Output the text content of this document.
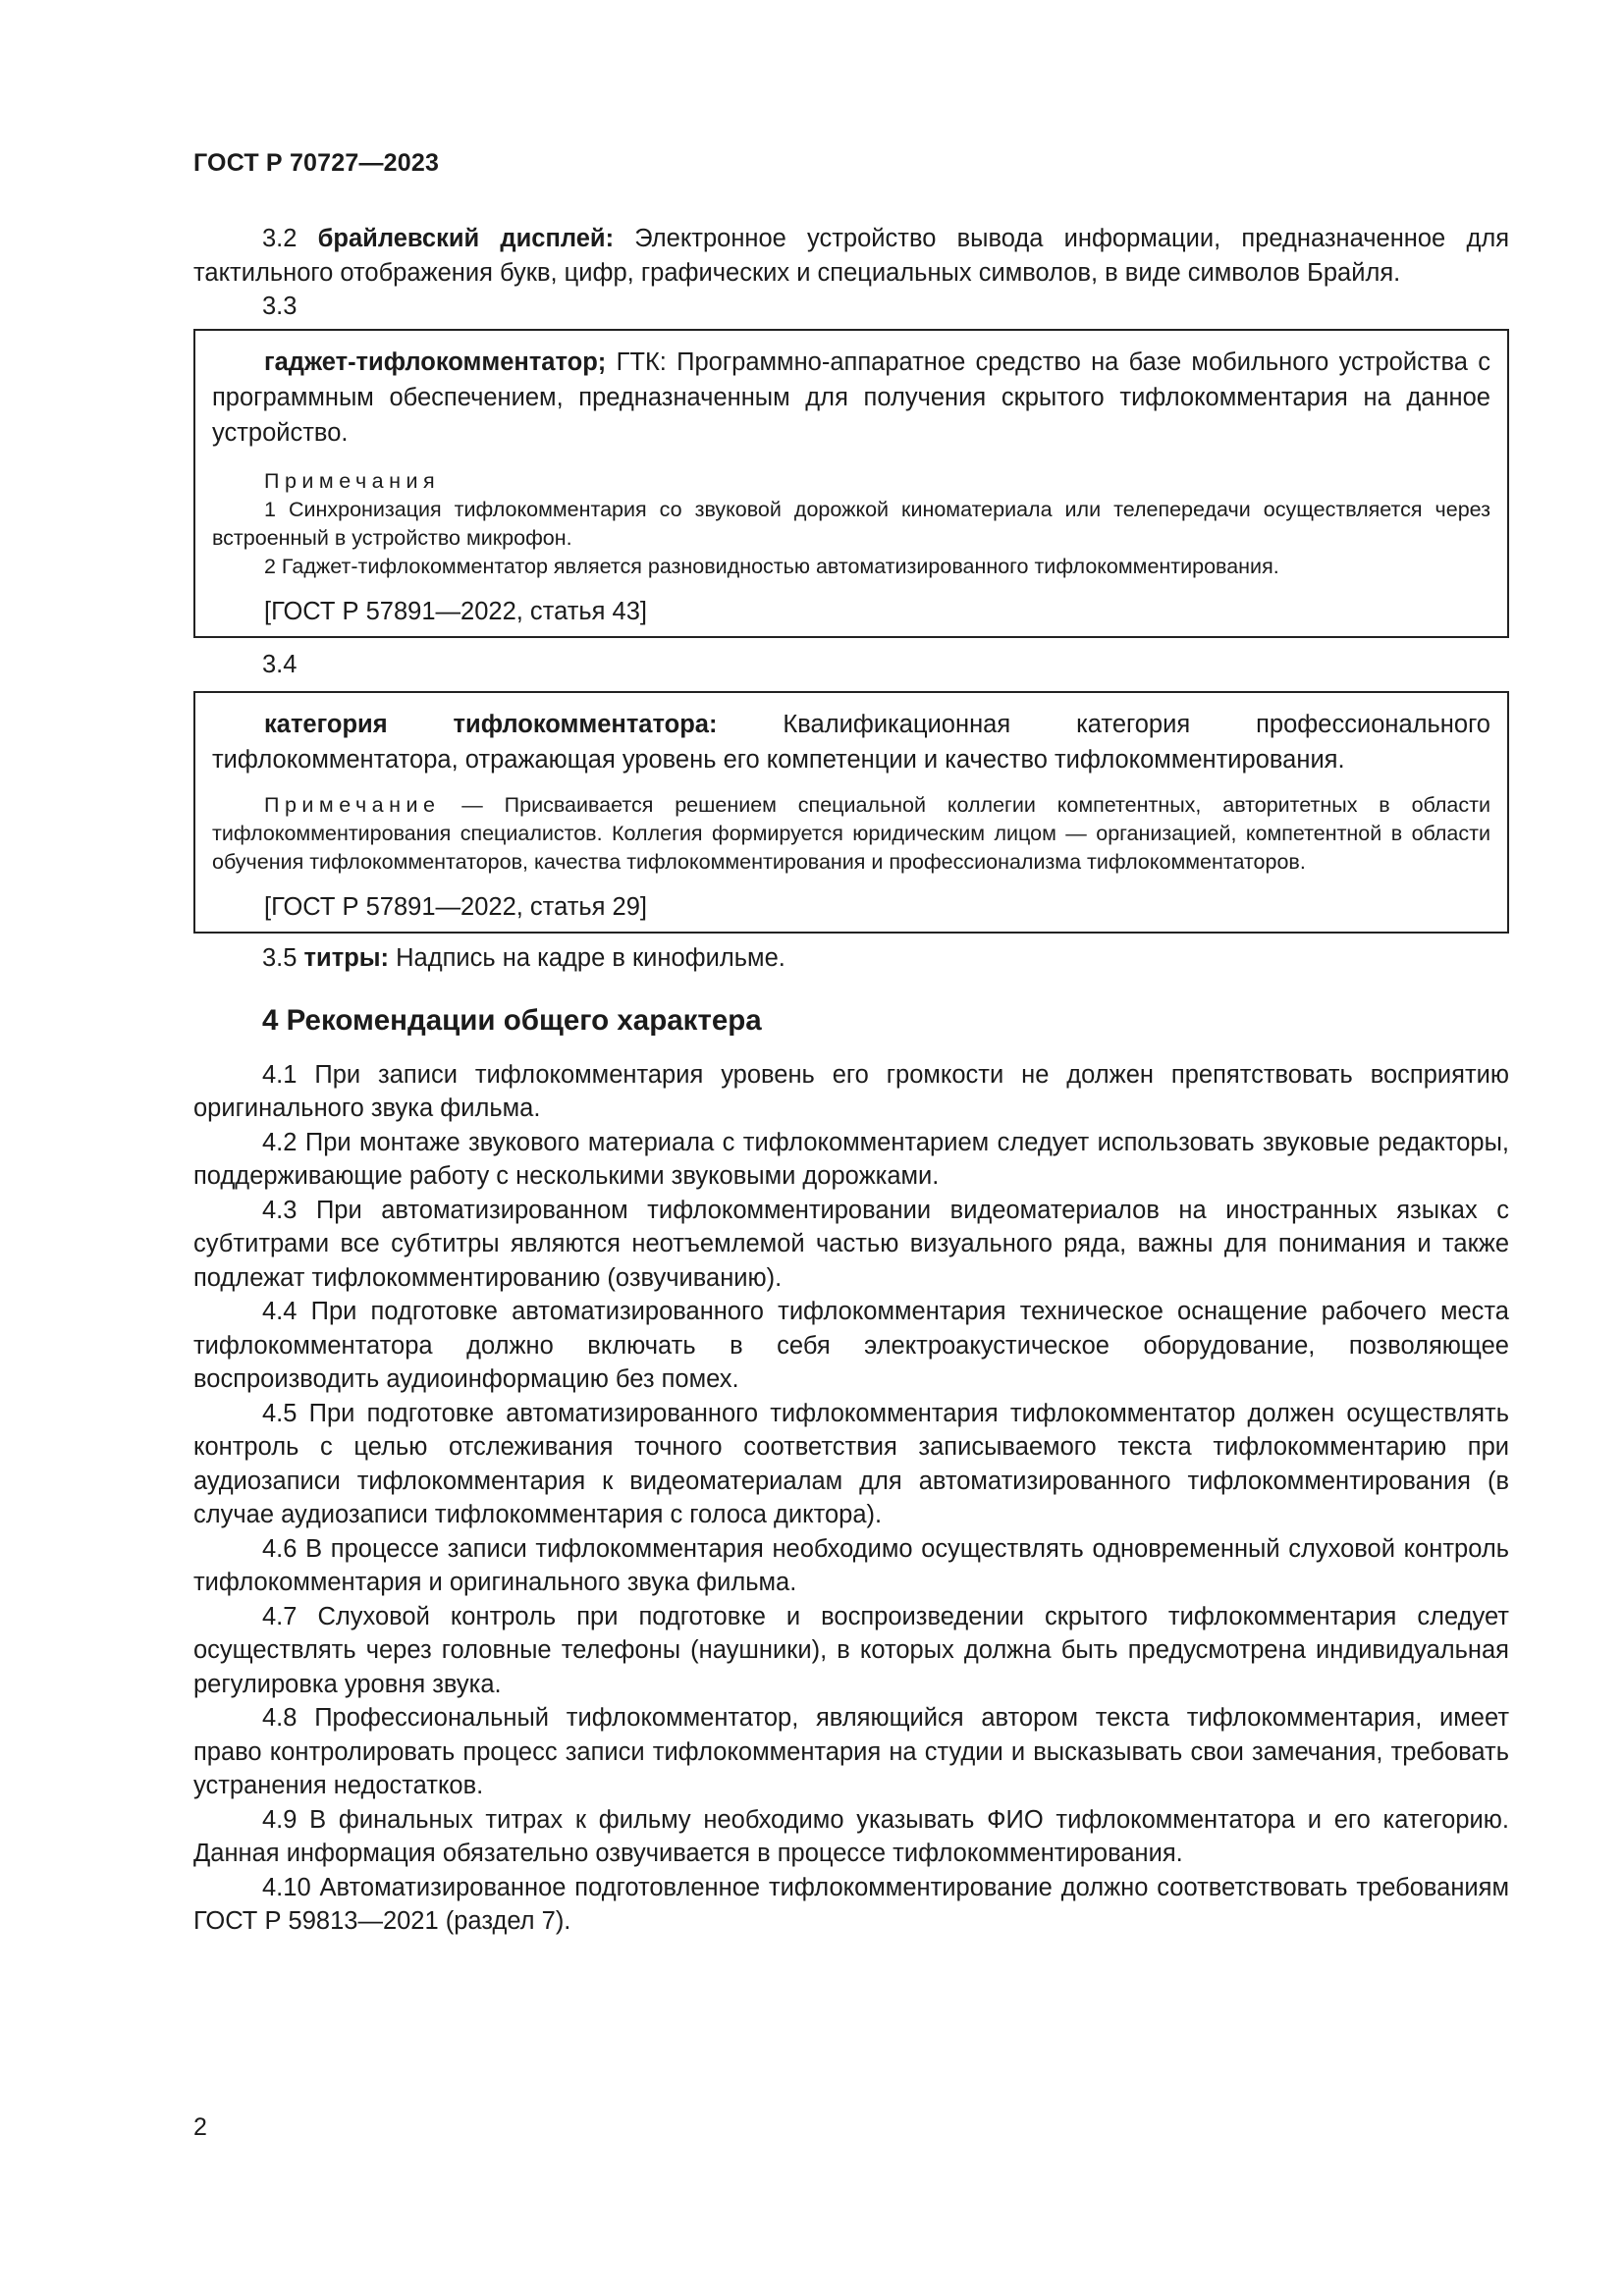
ГОСТ Р 70727—2023

3.2 брайлевский дисплей: Электронное устройство вывода информации, предназначенное для тактильного отображения букв, цифр, графических и специальных символов, в виде символов Брайля.

3.3

гаджет-тифлокомментатор; ГТК: Программно-аппаратное средство на базе мобильного устройства с программным обеспечением, предназначенным для получения скрытого тифлокомментария на данное устройство.

Примечания

1 Синхронизация тифлокомментария со звуковой дорожкой киноматериала или телепередачи осуществляется через встроенный в устройство микрофон.

2 Гаджет-тифлокомментатор является разновидностью автоматизированного тифлокомментирования.

[ГОСТ Р 57891—2022, статья 43]
3.4

категория тифлокомментатора: Квалификационная категория профессионального тифлокомментатора, отражающая уровень его компетенции и качество тифлокомментирования.

Примечание — Присваивается решением специальной коллегии компетентных, авторитетных в области тифлокомментирования специалистов. Коллегия формируется юридическим лицом — организацией, компетентной в области обучения тифлокомментаторов, качества тифлокомментирования и профессионализма тифлокомментаторов.

[ГОСТ Р 57891—2022, статья 29]

3.5 титры: Надпись на кадре в кинофильме.

4 Рекомендации общего характера

4.1 При записи тифлокомментария уровень его громкости не должен препятствовать восприятию оригинального звука фильма.

4.2 При монтаже звукового материала с тифлокомментарием следует использовать звуковые редакторы, поддерживающие работу с несколькими звуковыми дорожками.

4.3 При автоматизированном тифлокомментировании видеоматериалов на иностранных языках с субтитрами все субтитры являются неотъемлемой частью визуального ряда, важны для понимания и также подлежат тифлокомментированию (озвучиванию).

4.4 При подготовке автоматизированного тифлокомментария техническое оснащение рабочего места тифлокомментатора должно включать в себя электроакустическое оборудование, позволяющее воспроизводить аудиоинформацию без помех.

4.5 При подготовке автоматизированного тифлокомментария тифлокомментатор должен осуществлять контроль с целью отслеживания точного соответствия записываемого текста тифлокомментарию при аудиозаписи тифлокомментария к видеоматериалам для автоматизированного тифлокомментирования (в случае аудиозаписи тифлокомментария с голоса диктора).

4.6 В процессе записи тифлокомментария необходимо осуществлять одновременный слуховой контроль тифлокомментария и оригинального звука фильма.

4.7 Слуховой контроль при подготовке и воспроизведении скрытого тифлокомментария следует осуществлять через головные телефоны (наушники), в которых должна быть предусмотрена индивидуальная регулировка уровня звука.

4.8 Профессиональный тифлокомментатор, являющийся автором текста тифлокомментария, имеет право контролировать процесс записи тифлокомментария на студии и высказывать свои замечания, требовать устранения недостатков.

4.9 В финальных титрах к фильму необходимо указывать ФИО тифлокомментатора и его категорию. Данная информация обязательно озвучивается в процессе тифлокомментирования.

4.10 Автоматизированное подготовленное тифлокомментирование должно соответствовать требованиям ГОСТ Р 59813—2021 (раздел 7).

2
